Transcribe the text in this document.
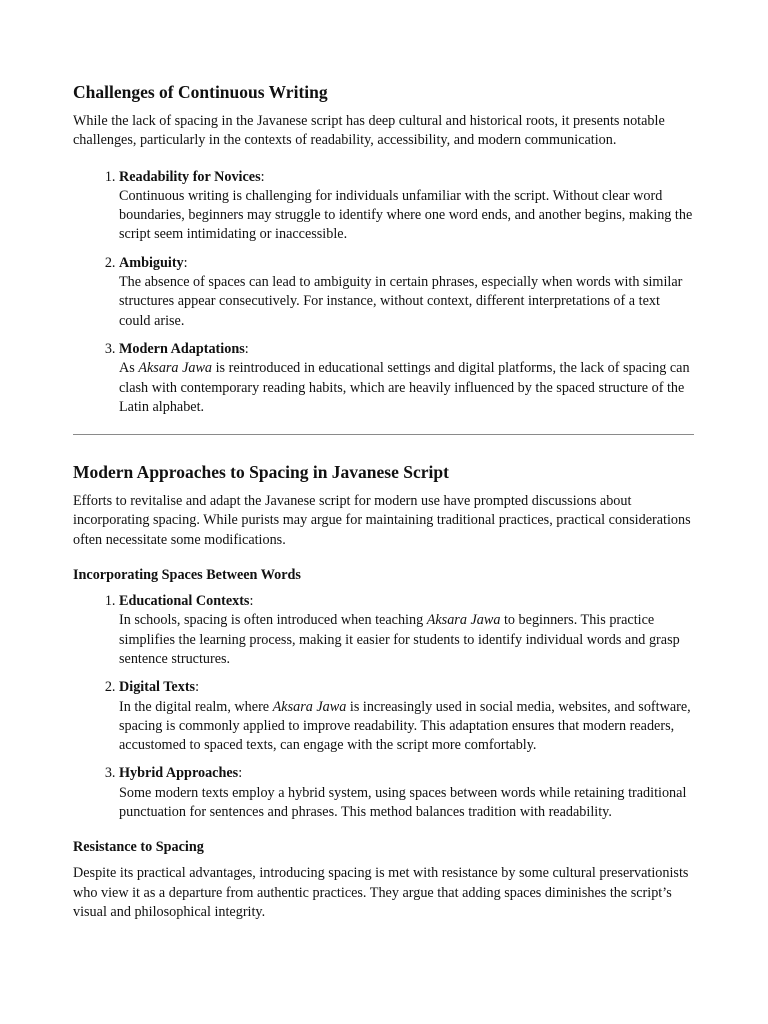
Challenges of Continuous Writing

While the lack of spacing in the Javanese script has deep cultural and historical roots, it presents notable challenges, particularly in the contexts of readability, accessibility, and modern communication.

1. Readability for Novices:
Continuous writing is challenging for individuals unfamiliar with the script. Without clear word boundaries, beginners may struggle to identify where one word ends, and another begins, making the script seem intimidating or inaccessible.
2. Ambiguity:
The absence of spaces can lead to ambiguity in certain phrases, especially when words with similar structures appear consecutively. For instance, without context, different interpretations of a text could arise.
3. Modern Adaptations:
As Aksara Jawa is reintroduced in educational settings and digital platforms, the lack of spacing can clash with contemporary reading habits, which are heavily influenced by the spaced structure of the Latin alphabet.
Modern Approaches to Spacing in Javanese Script

Efforts to revitalise and adapt the Javanese script for modern use have prompted discussions about incorporating spacing. While purists may argue for maintaining traditional practices, practical considerations often necessitate some modifications.

Incorporating Spaces Between Words
1. Educational Contexts:
In schools, spacing is often introduced when teaching Aksara Jawa to beginners. This practice simplifies the learning process, making it easier for students to identify individual words and grasp sentence structures.
2. Digital Texts:
In the digital realm, where Aksara Jawa is increasingly used in social media, websites, and software, spacing is commonly applied to improve readability. This adaptation ensures that modern readers, accustomed to spaced texts, can engage with the script more comfortably.
3. Hybrid Approaches:
Some modern texts employ a hybrid system, using spaces between words while retaining traditional punctuation for sentences and phrases. This method balances tradition with readability.
Resistance to Spacing

Despite its practical advantages, introducing spacing is met with resistance by some cultural preservationists who view it as a departure from authentic practices. They argue that adding spaces diminishes the script’s visual and philosophical integrity.
